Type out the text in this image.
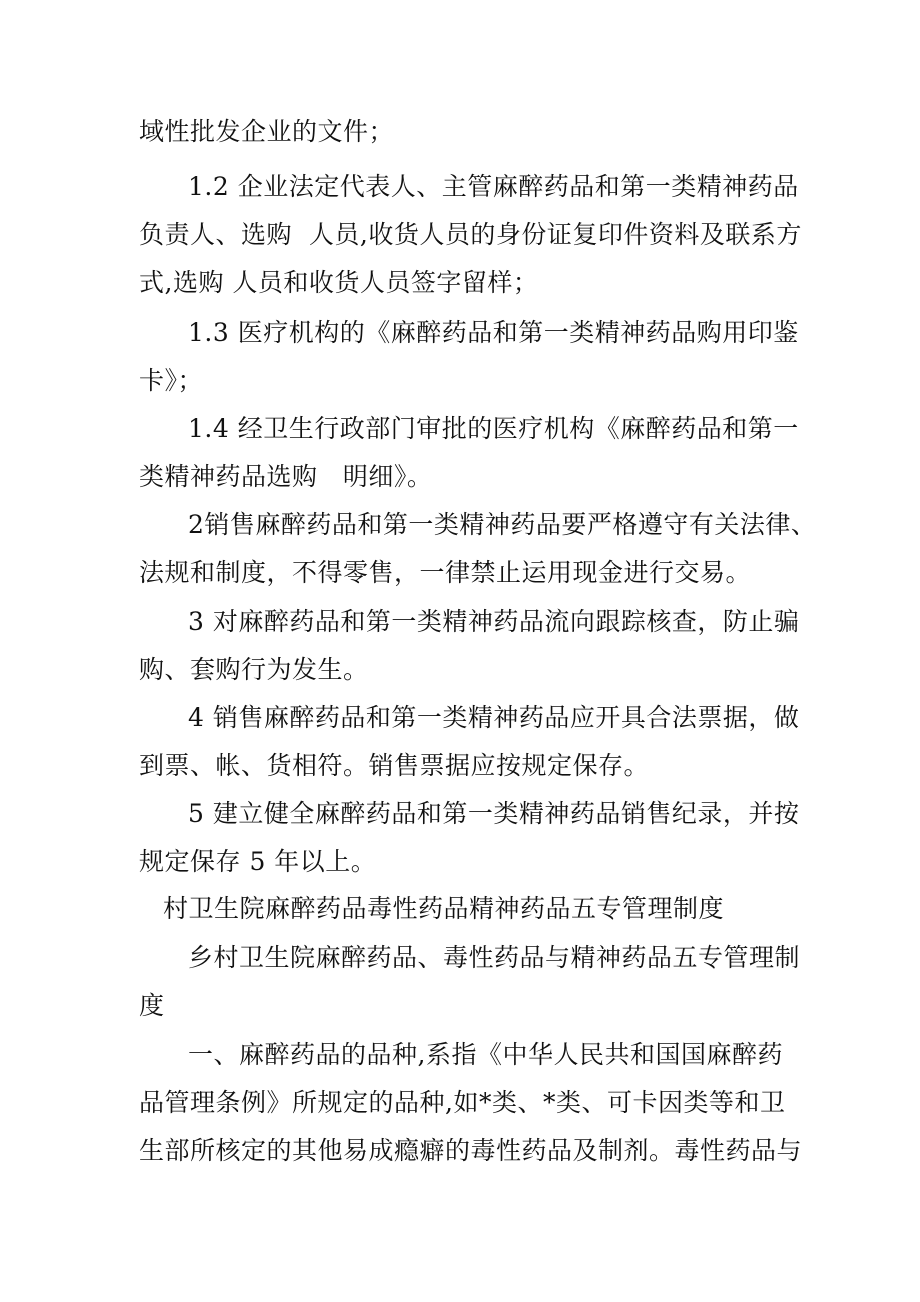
域性批发企业的文件；
1.2 企业法定代表人、主管麻醉药品和第一类精神药品
负责人、选购  人员,收货人员的身份证复印件资料及联系方
式,选购 人员和收货人员签字留样；
1.3 医疗机构的《麻醉药品和第一类精神药品购用印鉴
卡》；
1.4 经卫生行政部门审批的医疗机构《麻醉药品和第一
类精神药品选购   明细》。
2销售麻醉药品和第一类精神药品要严格遵守有关法律、
法规和制度，不得零售，一律禁止运用现金进行交易。
3 对麻醉药品和第一类精神药品流向跟踪核查，防止骗
购、套购行为发生。
4 销售麻醉药品和第一类精神药品应开具合法票据，做
到票、帐、货相符。销售票据应按规定保存。
5 建立健全麻醉药品和第一类精神药品销售纪录，并按
规定保存 5 年以上。
村卫生院麻醉药品毒性药品精神药品五专管理制度
乡村卫生院麻醉药品、毒性药品与精神药品五专管理制
度
一、麻醉药品的品种,系指《中华人民共和国国麻醉药
品管理条例》所规定的品种,如*类、*类、可卡因类等和卫
生部所核定的其他易成瘾癖的毒性药品及制剂。毒性药品与
